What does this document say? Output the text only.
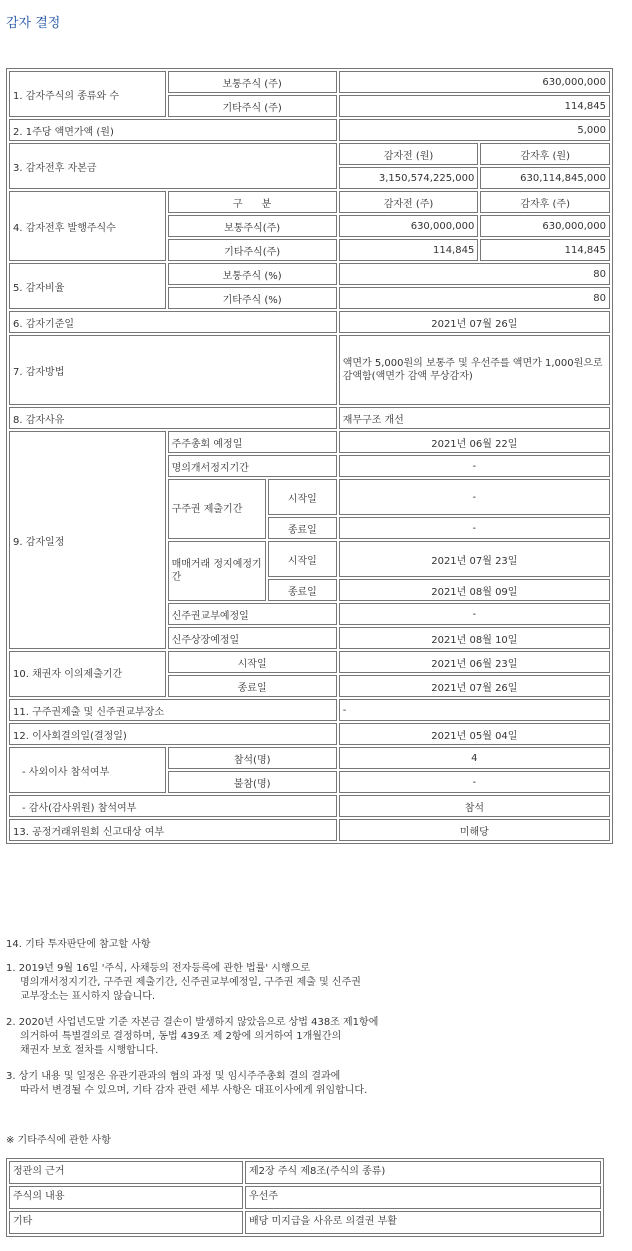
감자 결정
1. 감자주식의 종류와 수	보통주식 (주)		630,000,000	
	기타주식 (주)		114,845	
2. 1주당 액면가액 (원)			5,000	
3. 감자전후 자본금			감자전 (원)	감자후 (원)
			3,150,574,225,000	630,114,845,000
4. 감자전후 발행주식수	구      분		감자전 (주)	감자후 (주)
	보통주식(주)		630,000,000	630,000,000
	기타주식(주)		114,845	114,845
5. 감자비율	보통주식 (%)		80	
	기타주식 (%)		80	
6. 감자기준일			2021년 07월 26일	
7. 감자방법			액면가 5,000원의 보통주 및 우선주를 액면가 1,000원으로 감액함(액면가 감액 무상감자)	
8. 감자사유			재무구조 개선	
9. 감자일정	주주총회 예정일		2021년 06월 22일	
	명의개서정지기간		-	
	구주권 제출기간	시작일	-	
		종료일	-	
	매매거래 정지예정기간	시작일	2021년 07월 23일	
		종료일	2021년 08월 09일	
	신주권교부예정일		-	
	신주상장예정일		2021년 08월 10일	
10. 채권자 이의제출기간	시작일		2021년 06월 23일	
	종료일		2021년 07월 26일	
11. 구주권제출 및 신주권교부장소			-	
12. 이사회결의일(결정일)			2021년 05월 04일	
- 사외이사 참석여부	참석(명)		4	
	불참(명)		-	
- 감사(감사위원) 참석여부			참석	
13. 공정거래위원회 신고대상 여부			미해당	

14. 기타 투자판단에 참고할 사항

1. 2019년 9월 16일 '주식, 사채등의 전자등록에 관한 법률' 시행으로

명의개서정지기간, 구주권 제출기간, 신주권교부예정일, 구주권 제출 및 신주권

교부장소는 표시하지 않습니다.

2. 2020년 사업년도말 기준 자본금 결손이 발생하지 않았음으로 상법 438조 제1항에

의거하여 특별결의로 결정하며, 동법 439조 제 2항에 의거하여 1개월간의

채권자 보호 절차를 시행합니다.

3. 상기 내용 및 일정은 유관기관과의 협의 과정 및 임시주주총회 결의 결과에

따라서 변경될 수 있으며, 기타 감자 관련 세부 사항은 대표이사에게 위임합니다.

※ 기타주식에 관한 사항
정관의 근거	제2장 주식 제8조(주식의 종류)
주식의 내용	우선주
기타	배당 미지급을 사유로 의결권 부활
